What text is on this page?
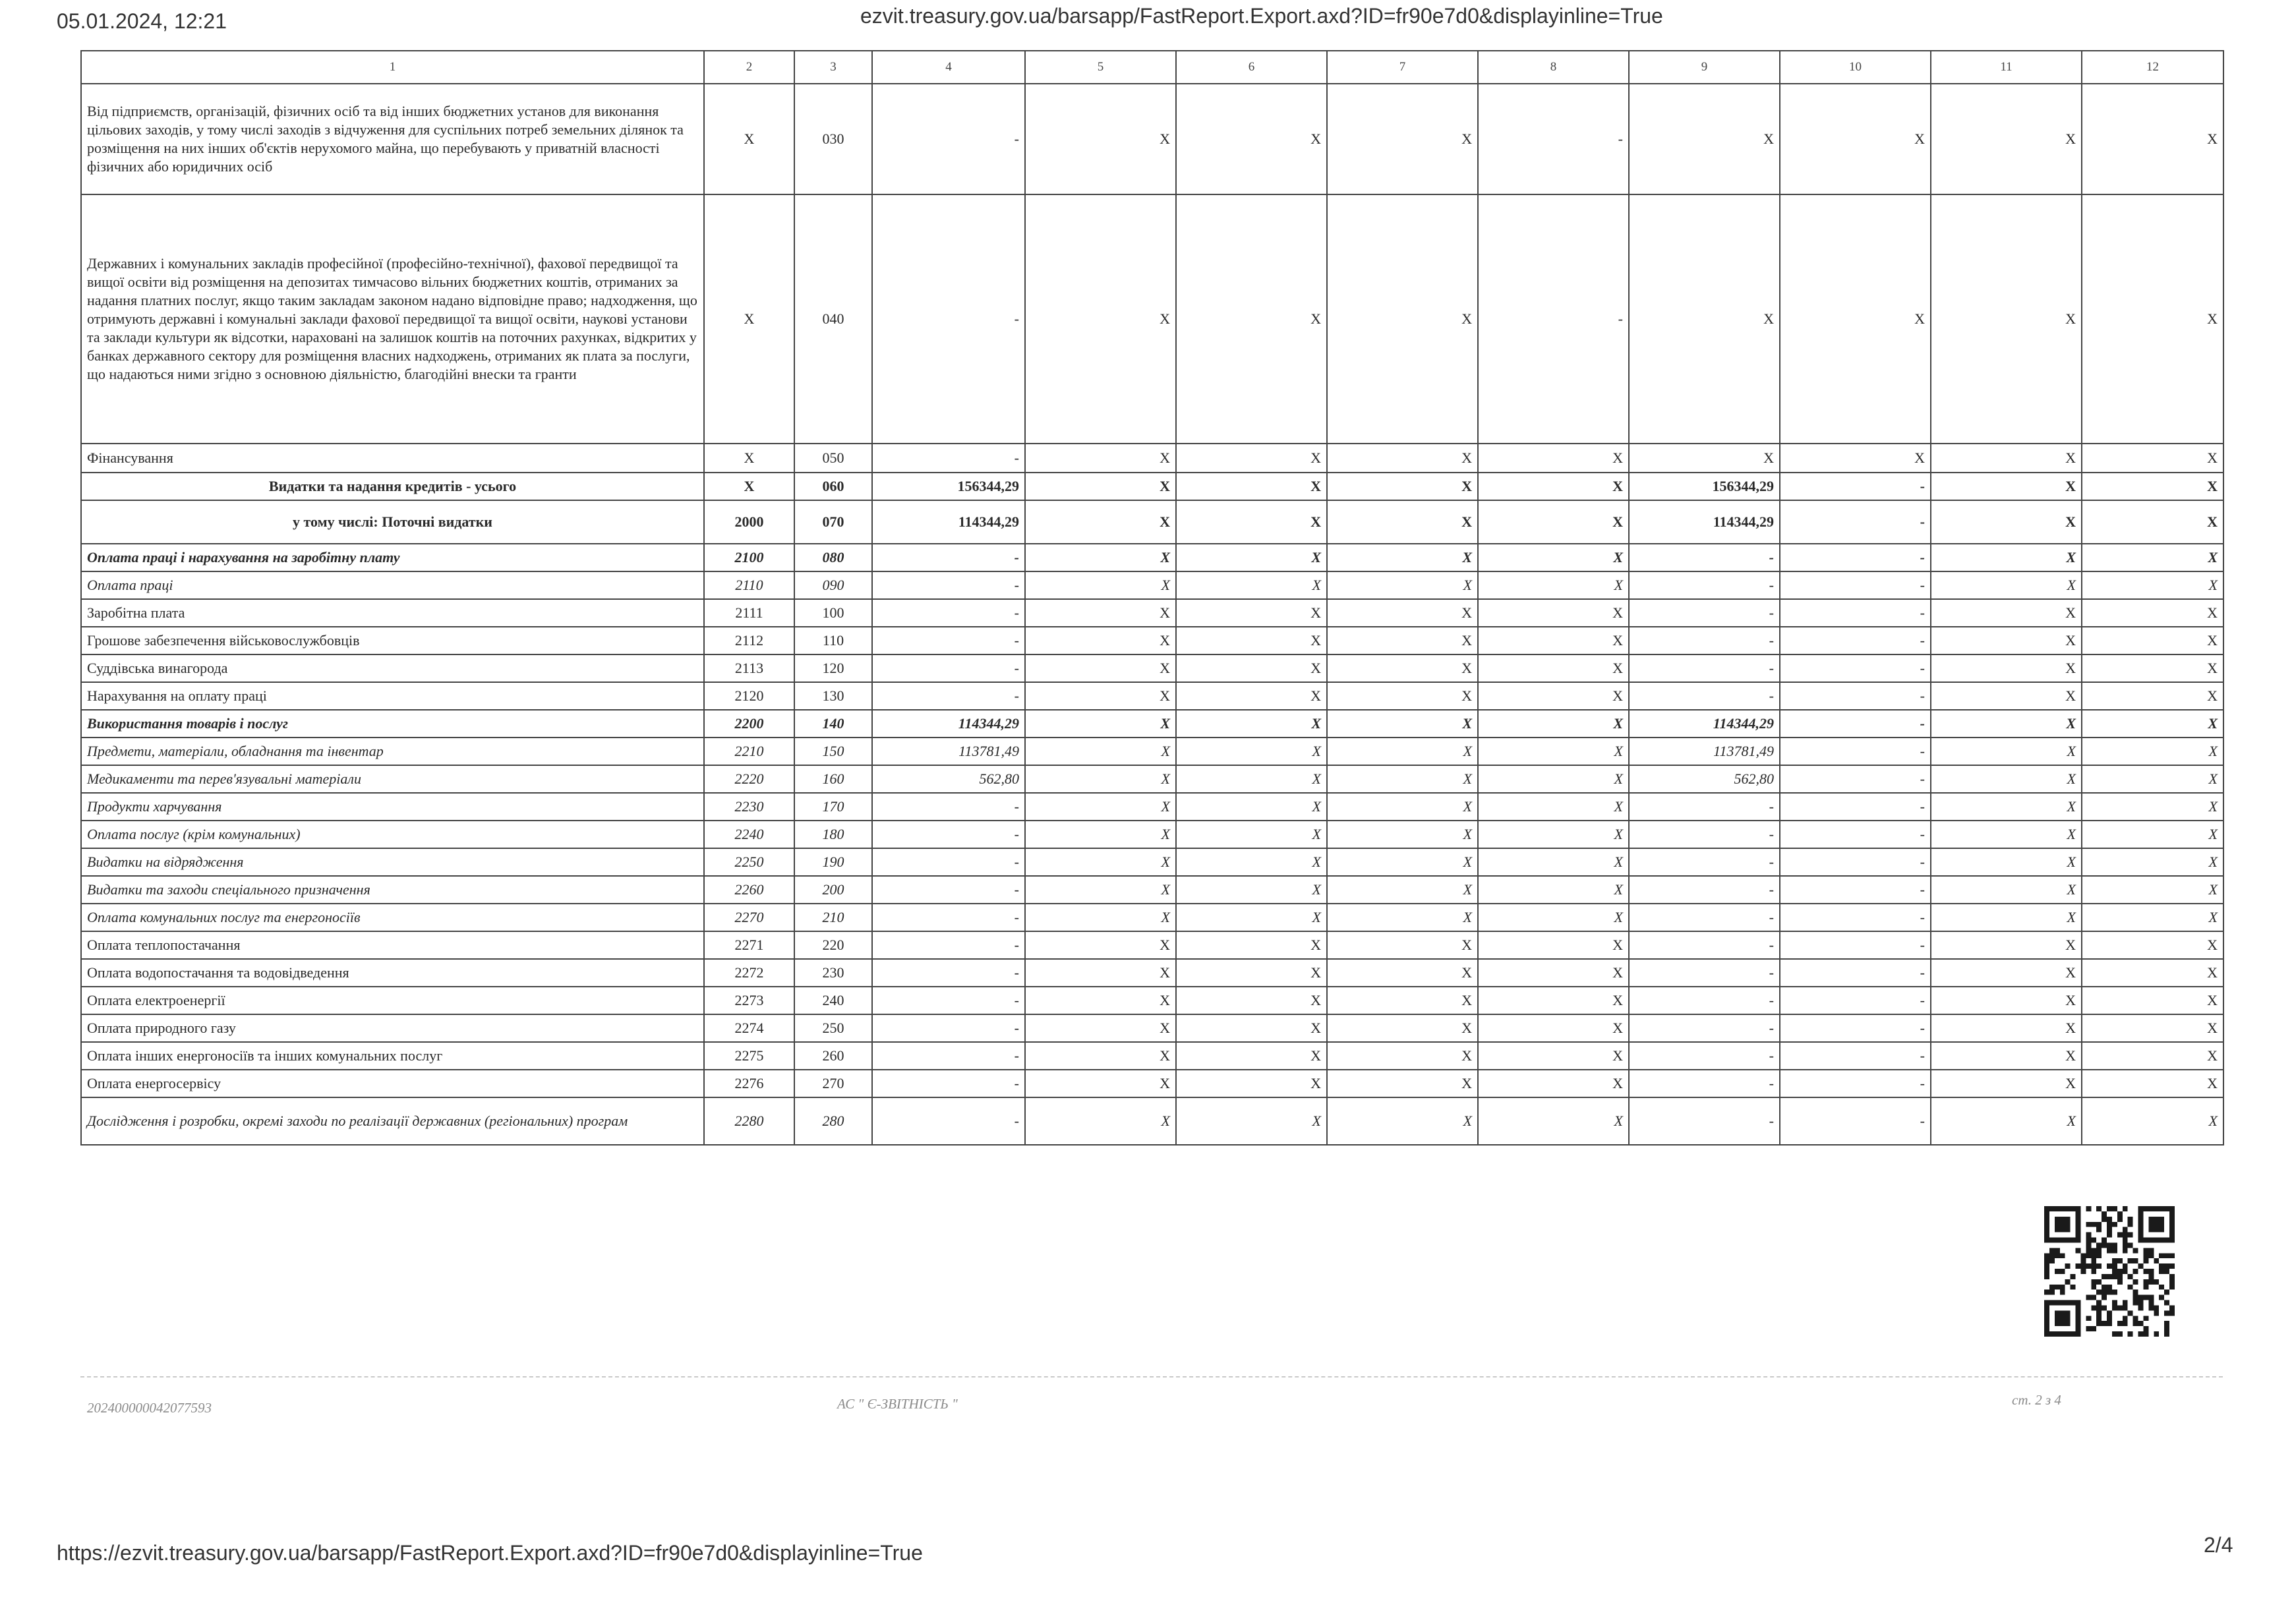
05.01.2024, 12:21	ezvit.treasury.gov.ua/barsapp/FastReport.Export.axd?ID=fr90e7d0&displayinline=True
1	2	3	4	5	6	7	8	9	10	11	12
Від підприємств, організацій, фізичних осіб та від інших бюджетних установ для виконання цільових заходів, у тому числі заходів з відчуження для суспільних потреб земельних ділянок та розміщення на них інших об'єктів нерухомого майна, що перебувають у приватній власності фізичних або юридичних осіб	X	030	-	X	X	X	-	X	X	X	X
Державних і комунальних закладів професійної (професійно-технічної), фахової передвищої та вищої освіти від розміщення на депозитах тимчасово вільних бюджетних коштів, отриманих за надання платних послуг, якщо таким закладам законом надано відповідне право; надходження, що отримують державні і комунальні заклади фахової передвищої та вищої освіти, наукові установи та заклади культури як відсотки, нараховані на залишок коштів на поточних рахунках, відкритих у банках державного сектору для розміщення власних надходжень, отриманих як плата за послуги, що надаються ними згідно з основною діяльністю, благодійні внески та гранти	X	040	-	X	X	X	-	X	X	X	X
Фінансування	X	050	-	X	X	X	X	X	X	X	X
Видатки та надання кредитів - усього	X	060	156344,29	X	X	X	X	156344,29	-	X	X
у тому числі: Поточні видатки	2000	070	114344,29	X	X	X	X	114344,29	-	X	X
Оплата праці і нарахування на заробітну плату	2100	080	-	X	X	X	X	-	-	X	X
Оплата праці	2110	090	-	X	X	X	X	-	-	X	X
Заробітна плата	2111	100	-	X	X	X	X	-	-	X	X
Грошове забезпечення військовослужбовців	2112	110	-	X	X	X	X	-	-	X	X
Суддівська винагорода	2113	120	-	X	X	X	X	-	-	X	X
Нарахування на оплату праці	2120	130	-	X	X	X	X	-	-	X	X
Використання товарів і послуг	2200	140	114344,29	X	X	X	X	114344,29	-	X	X
Предмети, матеріали, обладнання та інвентар	2210	150	113781,49	X	X	X	X	113781,49	-	X	X
Медикаменти та перев'язувальні матеріали	2220	160	562,80	X	X	X	X	562,80	-	X	X
Продукти харчування	2230	170	-	X	X	X	X	-	-	X	X
Оплата послуг (крім комунальних)	2240	180	-	X	X	X	X	-	-	X	X
Видатки на відрядження	2250	190	-	X	X	X	X	-	-	X	X
Видатки та заходи спеціального призначення	2260	200	-	X	X	X	X	-	-	X	X
Оплата комунальних послуг та енергоносіїв	2270	210	-	X	X	X	X	-	-	X	X
Оплата теплопостачання	2271	220	-	X	X	X	X	-	-	X	X
Оплата водопостачання та водовідведення	2272	230	-	X	X	X	X	-	-	X	X
Оплата електроенергії	2273	240	-	X	X	X	X	-	-	X	X
Оплата природного газу	2274	250	-	X	X	X	X	-	-	X	X
Оплата інших енергоносіїв та інших комунальних послуг	2275	260	-	X	X	X	X	-	-	X	X
Оплата енергосервісу	2276	270	-	X	X	X	X	-	-	X	X
Дослідження і розробки, окремі заходи по реалізації державних (регіональних) програм	2280	280	-	X	X	X	X	-	-	X	X
202400000042077593	АС " Є-ЗВІТНІСТЬ "	ст. 2 з 4
https://ezvit.treasury.gov.ua/barsapp/FastReport.Export.axd?ID=fr90e7d0&displayinline=True	2/4
